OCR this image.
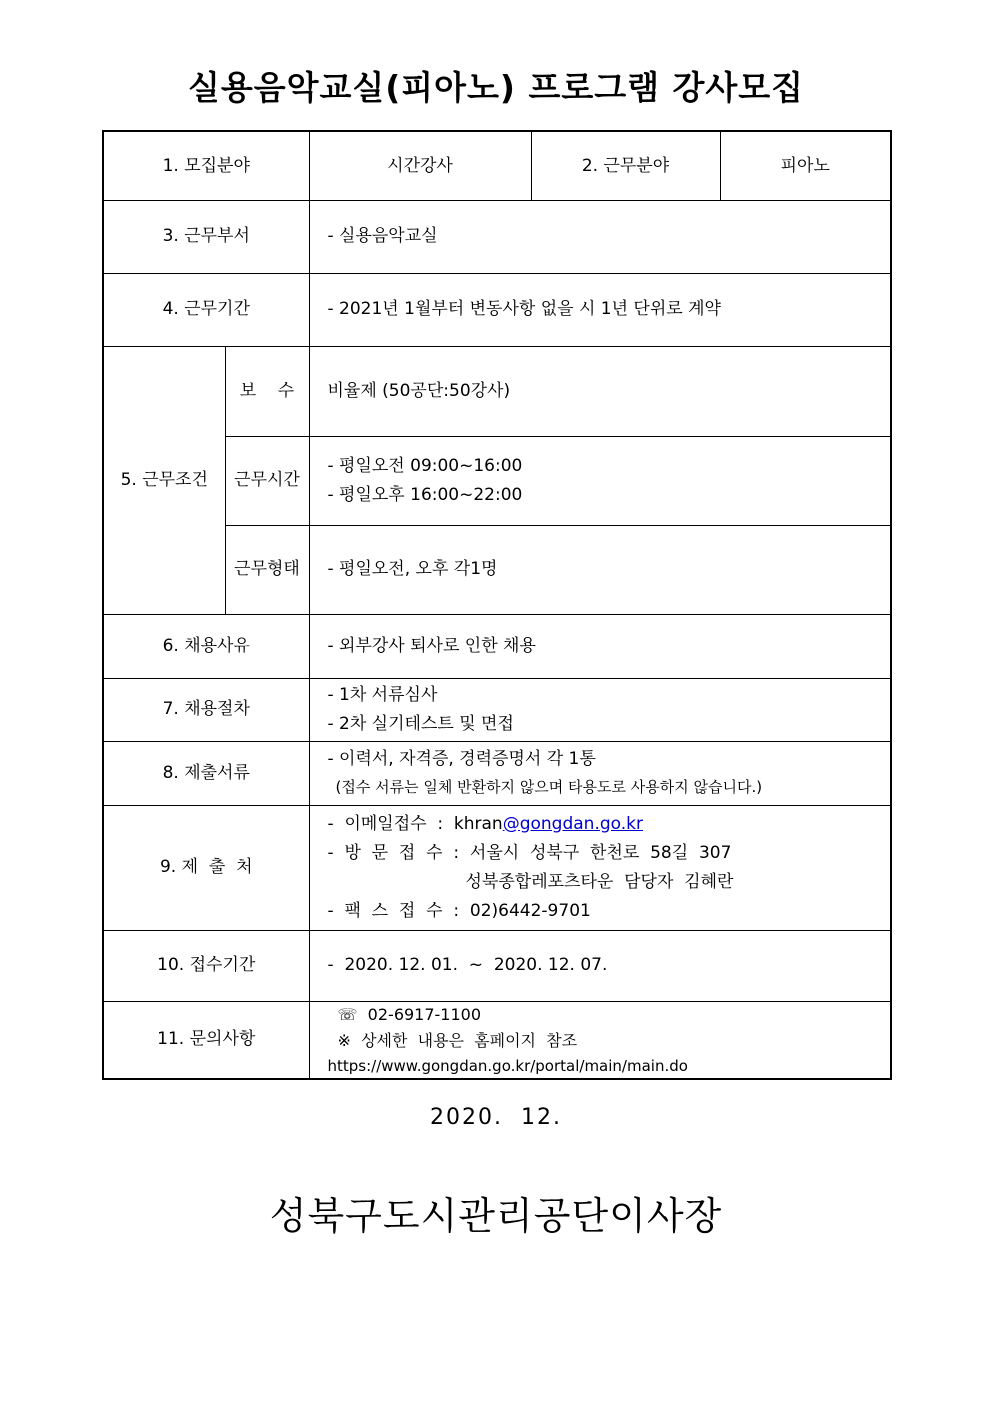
실용음악교실(피아노) 프로그램 강사모집
1. 모집분야		시간강사	2. 근무분야	피아노
3. 근무부서		- 실용음악교실		

4. 근무기간		- 2021년 1월부터 변동사항 없을 시 1년 단위로 계약		

5. 근무조건	보    수	비율제 (50공단:50강사)		

	근무시간	- 평일오전 09:00~16:00
- 평일오후 16:00~22:00		

	근무형태	- 평일오전, 오후 각1명		

6. 채용사유		- 외부강사 퇴사로 인한 채용		

7. 채용절차		- 1차 서류심사
- 2차 실기테스트 및 면접		

8. 제출서류		- 이력서, 자격증, 경력증명서 각 1통
(접수 서류는 일체 반환하지 않으며 타용도로 사용하지 않습니다.)		

9. 제  출  처		-  이메일접수  :  khran@gongdan.go.kr
-  방  문  접  수  :  서울시  성북구  한천로  58길  307
성북종합레포츠타운  담당자  김혜란
-  팩  스  접  수  :  02)6442-9701		

10. 접수기간		-  2020. 12. 01.  ~  2020. 12. 07.		

11. 문의사항		☏  02-6917-1100
※  상세한  내용은  홈페이지  참조
https://www.gongdan.go.kr/portal/main/main.do		
2020.  12.
성북구도시관리공단이사장
